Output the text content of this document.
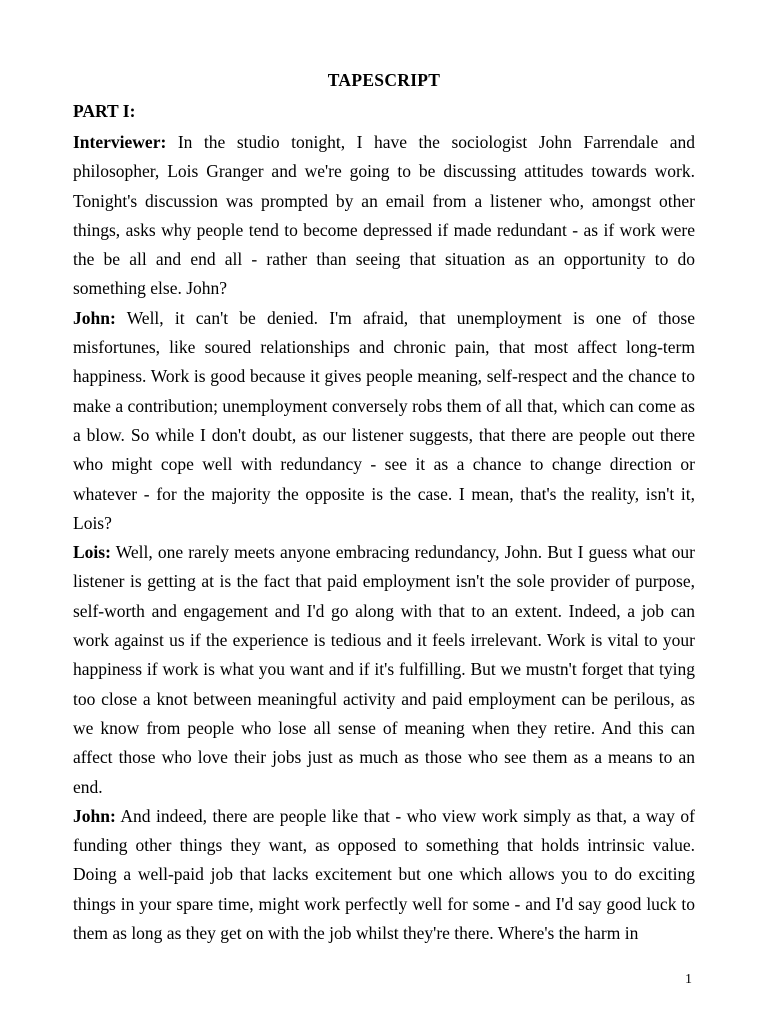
TAPESCRIPT
PART I:

Interviewer: In the studio tonight, I have the sociologist John Farrendale and philosopher, Lois Granger and we're going to be discussing attitudes towards work. Tonight's discussion was prompted by an email from a listener who, amongst other things, asks why people tend to become depressed if made redundant - as if work were the be all and end all - rather than seeing that situation as an opportunity to do something else. John?

John: Well, it can't be denied. I'm afraid, that unemployment is one of those misfortunes, like soured relationships and chronic pain, that most affect long-term happiness. Work is good because it gives people meaning, self-respect and the chance to make a contribution; unemployment conversely robs them of all that, which can come as a blow. So while I don't doubt, as our listener suggests, that there are people out there who might cope well with redundancy - see it as a chance to change direction or whatever - for the majority the opposite is the case. I mean, that's the reality, isn't it, Lois?

Lois: Well, one rarely meets anyone embracing redundancy, John. But I guess what our listener is getting at is the fact that paid employment isn't the sole provider of purpose, self-worth and engagement and I'd go along with that to an extent. Indeed, a job can work against us if the experience is tedious and it feels irrelevant. Work is vital to your happiness if work is what you want and if it's fulfilling. But we mustn't forget that tying too close a knot between meaningful activity and paid employment can be perilous, as we know from people who lose all sense of meaning when they retire. And this can affect those who love their jobs just as much as those who see them as a means to an end.

John: And indeed, there are people like that - who view work simply as that, a way of funding other things they want, as opposed to something that holds intrinsic value. Doing a well-paid job that lacks excitement but one which allows you to do exciting things in your spare time, might work perfectly well for some - and I'd say good luck to them as long as they get on with the job whilst they're there. Where's the harm in

1
